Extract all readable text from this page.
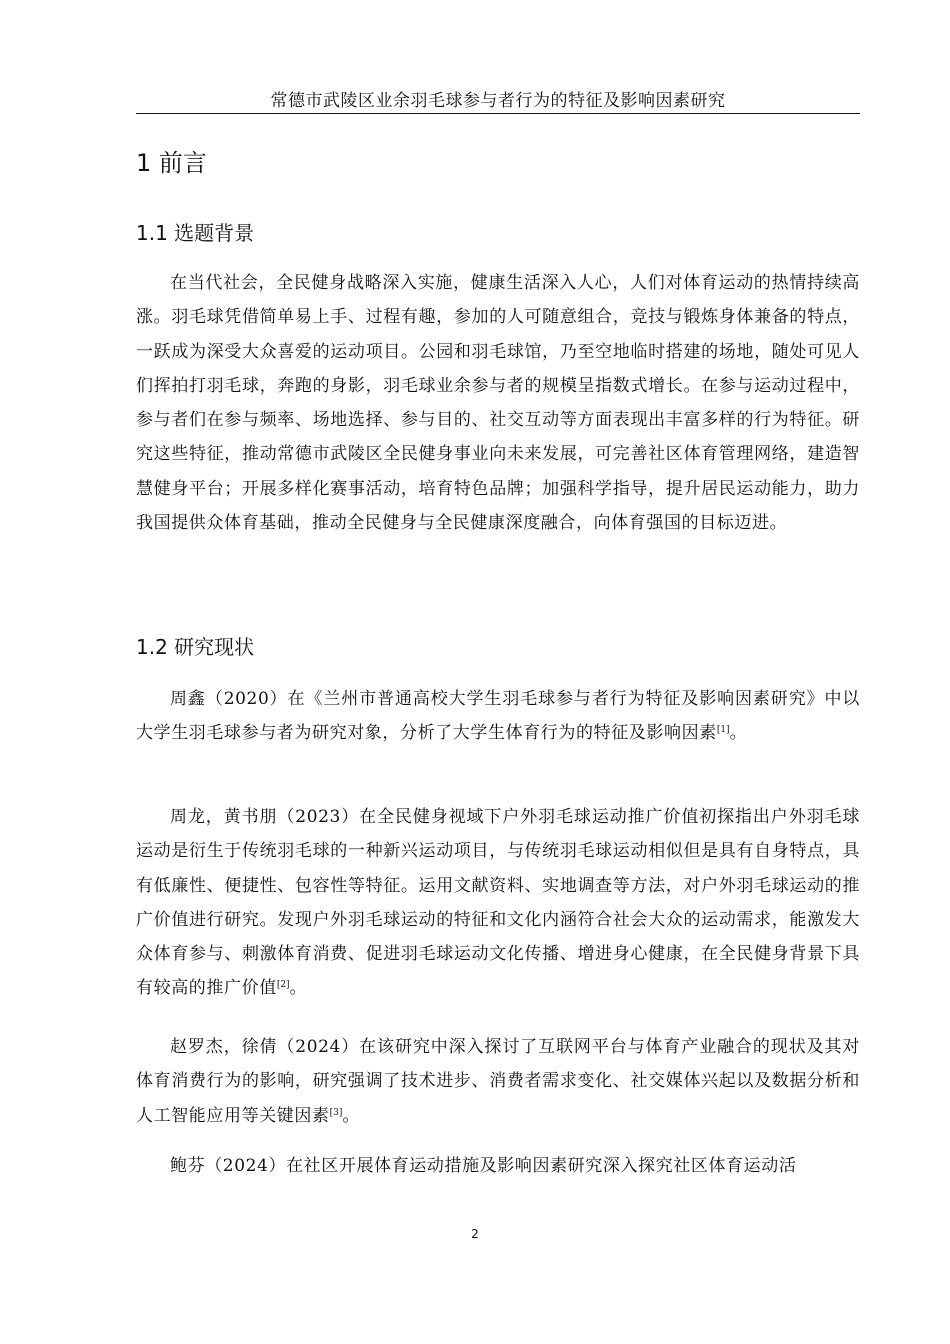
常德市武陵区业余羽毛球参与者行为的特征及影响因素研究
1 前言
1.1 选题背景

在当代社会，全民健身战略深入实施，健康生活深入人心，人们对体育运动的热情持续高涨。羽毛球凭借简单易上手、过程有趣，参加的人可随意组合，竞技与锻炼身体兼备的特点，一跃成为深受大众喜爱的运动项目。公园和羽毛球馆，乃至空地临时搭建的场地，随处可见人们挥拍打羽毛球，奔跑的身影，羽毛球业余参与者的规模呈指数式增长。在参与运动过程中，参与者们在参与频率、场地选择、参与目的、社交互动等方面表现出丰富多样的行为特征。研究这些特征，推动常德市武陵区全民健身事业向未来发展，可完善社区体育管理网络，建造智慧健身平台；开展多样化赛事活动，培育特色品牌；加强科学指导，提升居民运动能力，助力我国提供众体育基础，推动全民健身与全民健康深度融合，向体育强国的目标迈进。

1.2 研究现状

周鑫（2020）在《兰州市普通高校大学生羽毛球参与者行为特征及影响因素研究》中以大学生羽毛球参与者为研究对象，分析了大学生体育行为的特征及影响因素[1]。

周龙，黄书朋（2023）在全民健身视域下户外羽毛球运动推广价值初探指出户外羽毛球运动是衍生于传统羽毛球的一种新兴运动项目，与传统羽毛球运动相似但是具有自身特点，具有低廉性、便捷性、包容性等特征。运用文献资料、实地调查等方法，对户外羽毛球运动的推广价值进行研究。发现户外羽毛球运动的特征和文化内涵符合社会大众的运动需求，能激发大众体育参与、刺激体育消费、促进羽毛球运动文化传播、增进身心健康，在全民健身背景下具有较高的推广价值[2]。

赵罗杰，徐倩（2024）在该研究中深入探讨了互联网平台与体育产业融合的现状及其对体育消费行为的影响，研究强调了技术进步、消费者需求变化、社交媒体兴起以及数据分析和人工智能应用等关键因素[3]。

鲍芬（2024）在社区开展体育运动措施及影响因素研究深入探究社区体育运动活

2
